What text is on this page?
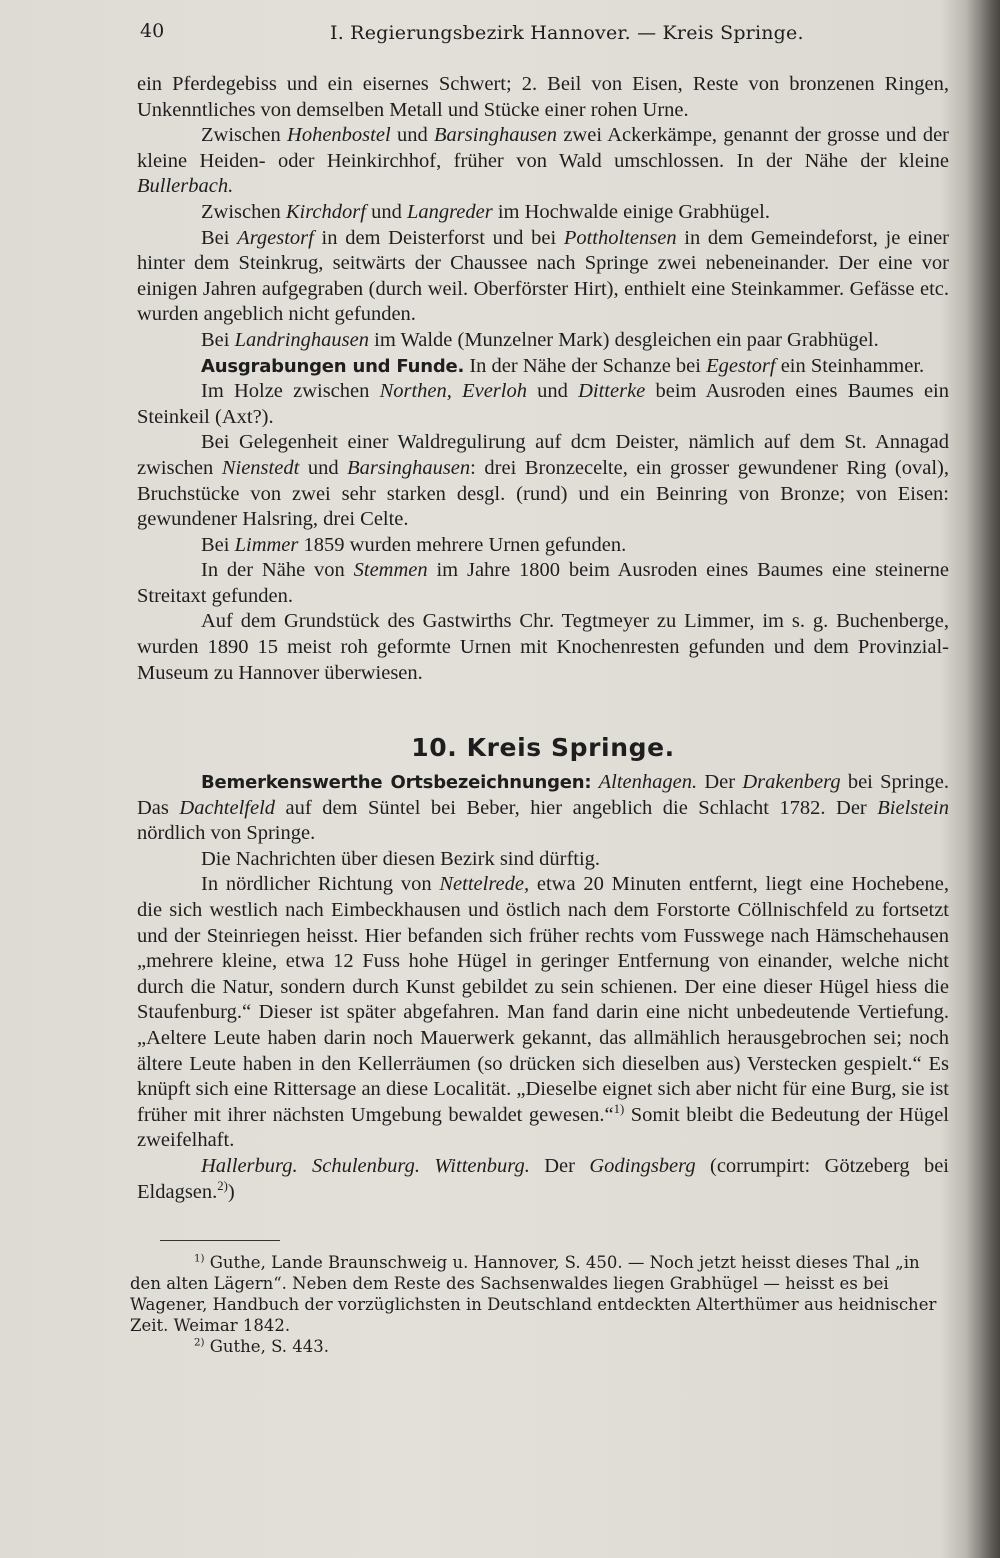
40	I. Regierungsbezirk Hannover. — Kreis Springe.

ein Pferdegebiss und ein eisernes Schwert; 2. Beil von Eisen, Reste von bronzenen Ringen, Unkenntliches von demselben Metall und Stücke einer rohen Urne.

Zwischen Hohenbostel und Barsinghausen zwei Ackerkämpe, genannt der grosse und der kleine Heiden- oder Heinkirchhof, früher von Wald umschlossen. In der Nähe der kleine Bullerbach.

Zwischen Kirchdorf und Langreder im Hochwalde einige Grabhügel.

Bei Argestorf in dem Deisterforst und bei Pottholtensen in dem Gemeindeforst, je einer hinter dem Steinkrug, seitwärts der Chaussee nach Springe zwei nebeneinander. Der eine vor einigen Jahren aufgegraben (durch weil. Oberförster Hirt), enthielt eine Steinkammer. Gefässe etc. wurden angeblich nicht gefunden.

Bei Landringhausen im Walde (Munzelner Mark) desgleichen ein paar Grabhügel.

Ausgrabungen und Funde. In der Nähe der Schanze bei Egestorf ein Steinhammer.

Im Holze zwischen Northen, Everloh und Ditterke beim Ausroden eines Baumes ein Steinkeil (Axt?).

Bei Gelegenheit einer Waldregulirung auf dcm Deister, nämlich auf dem St. Annagad zwischen Nienstedt und Barsinghausen: drei Bronzecelte, ein grosser gewundener Ring (oval), Bruchstücke von zwei sehr starken desgl. (rund) und ein Beinring von Bronze; von Eisen: gewundener Halsring, drei Celte.

Bei Limmer 1859 wurden mehrere Urnen gefunden.

In der Nähe von Stemmen im Jahre 1800 beim Ausroden eines Baumes eine steinerne Streitaxt gefunden.

Auf dem Grundstück des Gastwirths Chr. Tegtmeyer zu Limmer, im s. g. Buchenberge, wurden 1890 15 meist roh geformte Urnen mit Knochenresten gefunden und dem Provinzial-Museum zu Hannover überwiesen.

10. Kreis Springe.

Bemerkenswerthe Ortsbezeichnungen: Altenhagen. Der Drakenberg bei Springe. Das Dachtelfeld auf dem Süntel bei Beber, hier angeblich die Schlacht 1782. Der Bielstein nördlich von Springe.

Die Nachrichten über diesen Bezirk sind dürftig.

In nördlicher Richtung von Nettelrede, etwa 20 Minuten entfernt, liegt eine Hochebene, die sich westlich nach Eimbeckhausen und östlich nach dem Forstorte Cöllnischfeld zu fortsetzt und der Steinriegen heisst. Hier befanden sich früher rechts vom Fusswege nach Hämschehausen „mehrere kleine, etwa 12 Fuss hohe Hügel in geringer Entfernung von einander, welche nicht durch die Natur, sondern durch Kunst gebildet zu sein schienen. Der eine dieser Hügel hiess die Staufenburg.“ Dieser ist später abgefahren. Man fand darin eine nicht unbedeutende Vertiefung. „Aeltere Leute haben darin noch Mauerwerk gekannt, das allmählich herausgebrochen sei; noch ältere Leute haben in den Kellerräumen (so drücken sich dieselben aus) Verstecken gespielt.“ Es knüpft sich eine Rittersage an diese Localität. „Dieselbe eignet sich aber nicht für eine Burg, sie ist früher mit ihrer nächsten Umgebung bewaldet gewesen.“$^{1)}$ Somit bleibt die Bedeutung der Hügel zweifelhaft.

Hallerburg. Schulenburg. Wittenburg. Der Godingsberg (corrumpirt: Götzeberg bei Eldagsen.$^{2)}$)

$^{1)}$ Guthe, Lande Braunschweig u. Hannover, S. 450. — Noch jetzt heisst dieses Thal „in den alten Lägern“. Neben dem Reste des Sachsenwaldes liegen Grabhügel — heisst es bei Wagener, Handbuch der vorzüglichsten in Deutschland entdeckten Alterthümer aus heidnischer Zeit. Weimar 1842.

$^{2)}$ Guthe, S. 443.
